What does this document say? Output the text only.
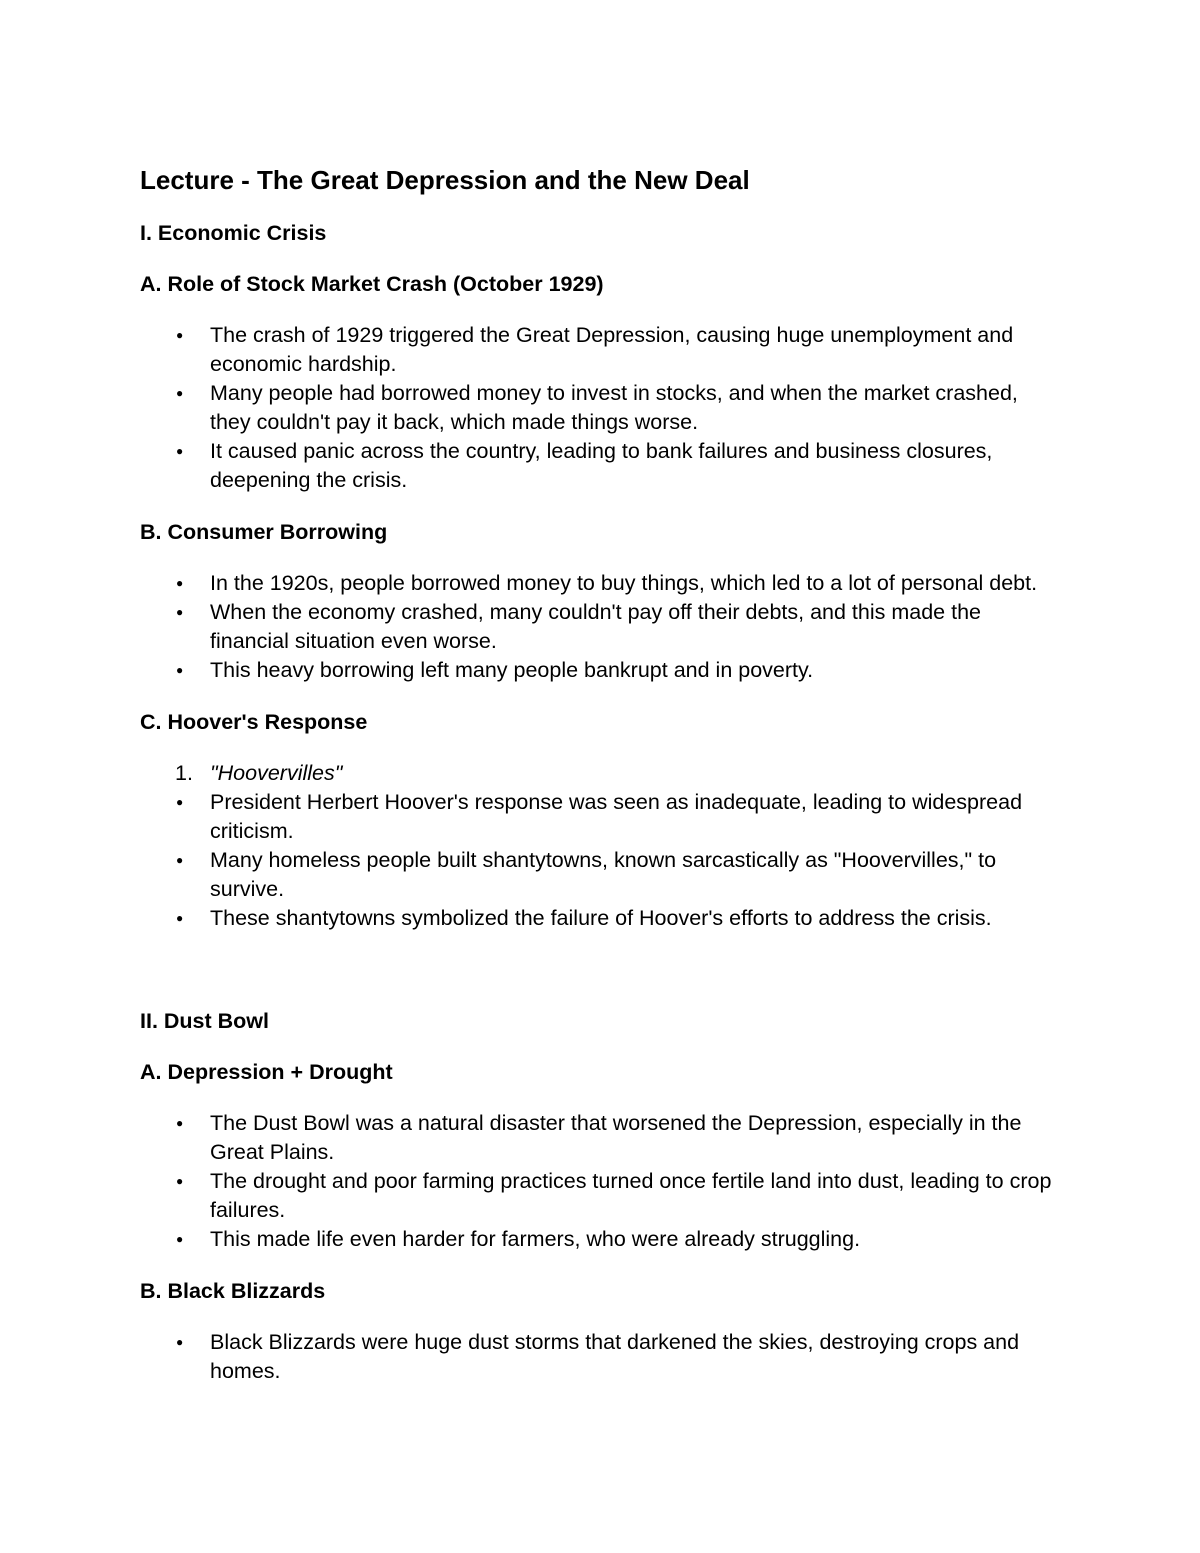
Lecture - The Great Depression and the New Deal
I. Economic Crisis
A. Role of Stock Market Crash (October 1929)
● The crash of 1929 triggered the Great Depression, causing huge unemployment and economic hardship.
● Many people had borrowed money to invest in stocks, and when the market crashed, they couldn't pay it back, which made things worse.
● It caused panic across the country, leading to bank failures and business closures, deepening the crisis.
B. Consumer Borrowing
● In the 1920s, people borrowed money to buy things, which led to a lot of personal debt.
● When the economy crashed, many couldn't pay off their debts, and this made the financial situation even worse.
● This heavy borrowing left many people bankrupt and in poverty.
C. Hoover's Response
1. "Hoovervilles"
● President Herbert Hoover's response was seen as inadequate, leading to widespread criticism.
● Many homeless people built shantytowns, known sarcastically as "Hoovervilles," to survive.
● These shantytowns symbolized the failure of Hoover's efforts to address the crisis.
II. Dust Bowl
A. Depression + Drought
● The Dust Bowl was a natural disaster that worsened the Depression, especially in the Great Plains.
● The drought and poor farming practices turned once fertile land into dust, leading to crop failures.
● This made life even harder for farmers, who were already struggling.
B. Black Blizzards
● Black Blizzards were huge dust storms that darkened the skies, destroying crops and homes.
